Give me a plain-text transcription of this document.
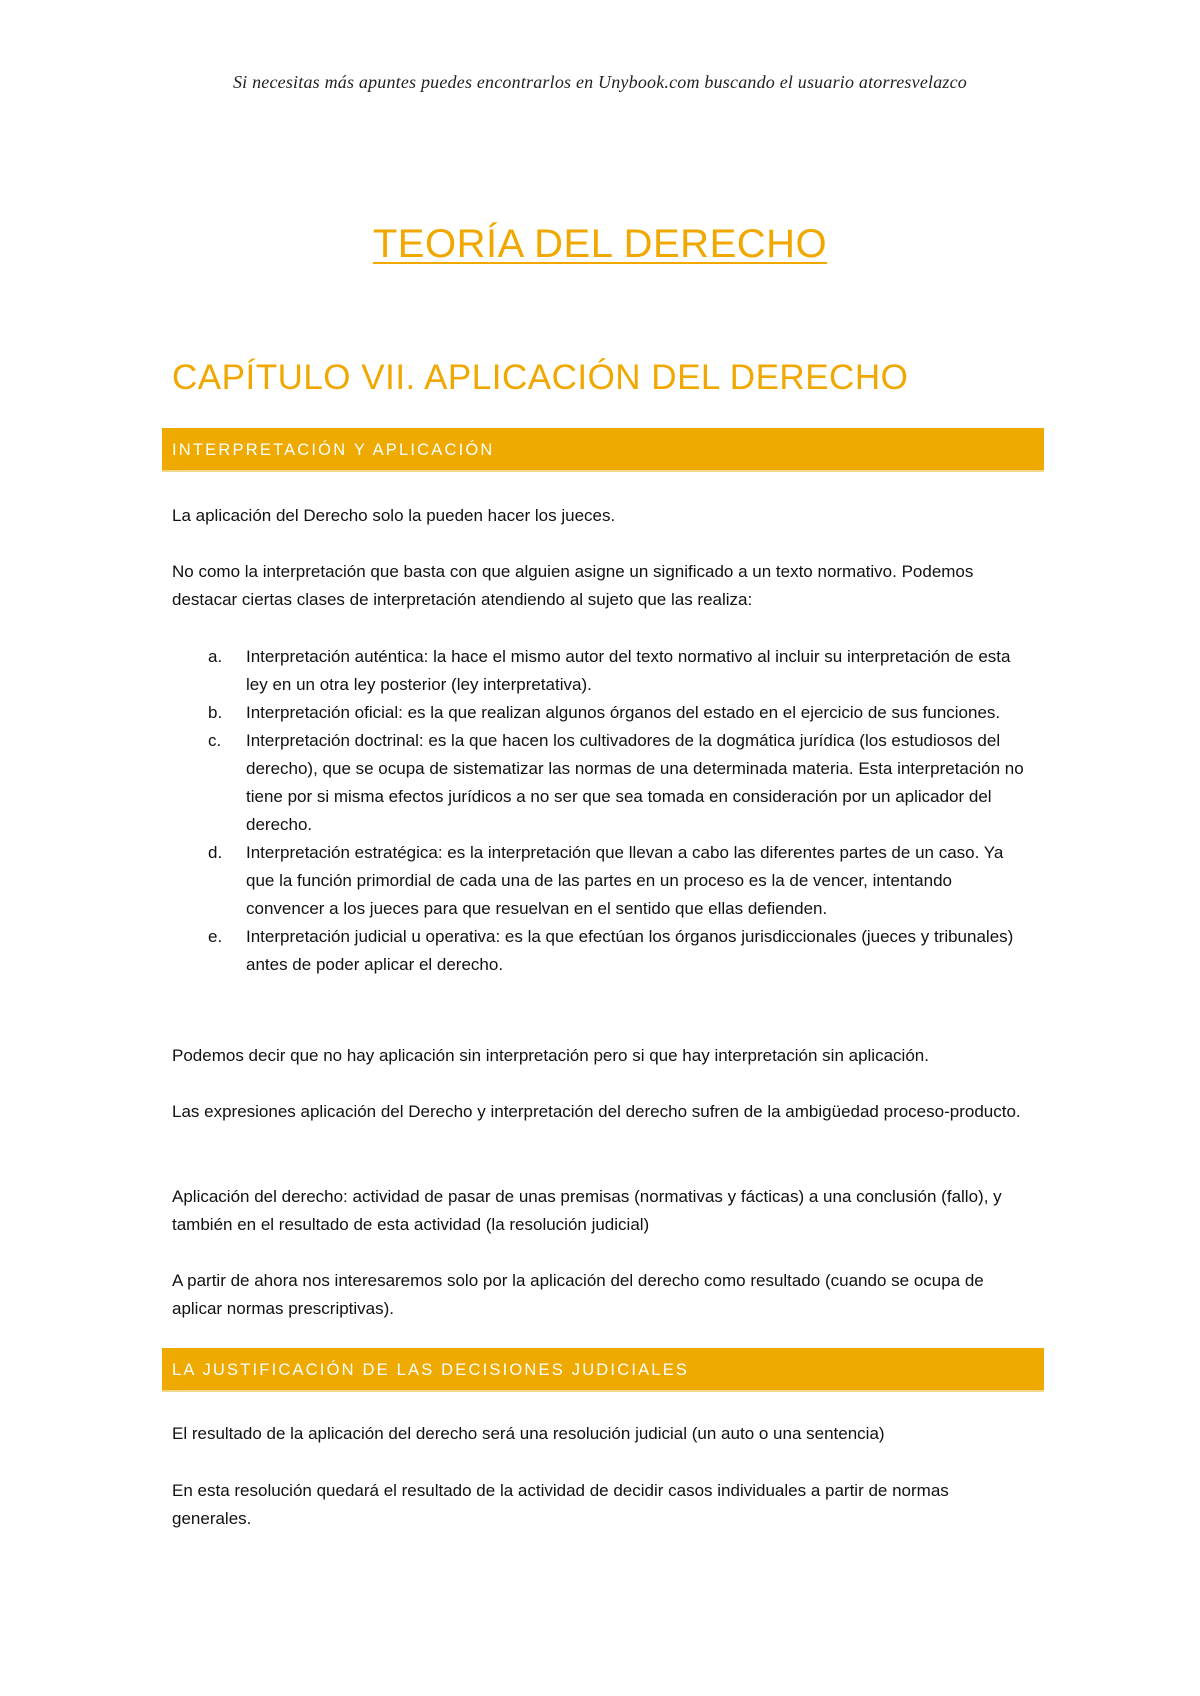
Si necesitas más apuntes puedes encontrarlos en Unybook.com buscando el usuario atorresvelazco
TEORÍA DEL DERECHO
CAPÍTULO VII. APLICACIÓN DEL DERECHO
INTERPRETACIÓN Y APLICACIÓN
La aplicación del Derecho solo la pueden hacer los jueces.
No como la interpretación que basta con que alguien asigne un significado a un texto normativo. Podemos destacar ciertas clases de interpretación atendiendo al sujeto que las realiza:
a. Interpretación auténtica: la hace el mismo autor del texto normativo al incluir su interpretación de esta ley en un otra ley posterior (ley interpretativa).
b. Interpretación oficial: es la que realizan algunos órganos del estado en el ejercicio de sus funciones.
c. Interpretación doctrinal: es la que hacen los cultivadores de la dogmática jurídica (los estudiosos del derecho), que se ocupa de sistematizar las normas de una determinada materia. Esta interpretación no tiene por si misma efectos jurídicos a no ser que sea tomada en consideración por un aplicador del derecho.
d. Interpretación estratégica: es la interpretación que llevan a cabo las diferentes partes de un caso. Ya que la función primordial de cada una de las partes en un proceso es la de vencer, intentando convencer a los jueces para que resuelvan en el sentido que ellas defienden.
e. Interpretación judicial u operativa: es la que efectúan los órganos jurisdiccionales (jueces y tribunales) antes de poder aplicar el derecho.
Podemos decir que no hay aplicación sin interpretación pero si que hay interpretación sin aplicación.
Las expresiones aplicación del Derecho y interpretación del derecho sufren de la ambigüedad proceso-producto.
Aplicación del derecho: actividad de pasar de unas premisas (normativas y fácticas) a una conclusión (fallo), y también en el resultado de esta actividad (la resolución judicial)
A partir de ahora nos interesaremos solo por la aplicación del derecho como resultado (cuando se ocupa de aplicar normas prescriptivas).
LA JUSTIFICACIÓN DE LAS DECISIONES JUDICIALES
El resultado de la aplicación del derecho será una resolución judicial (un auto o una sentencia)
En esta resolución quedará el resultado de la actividad de decidir casos individuales a partir de normas generales.
